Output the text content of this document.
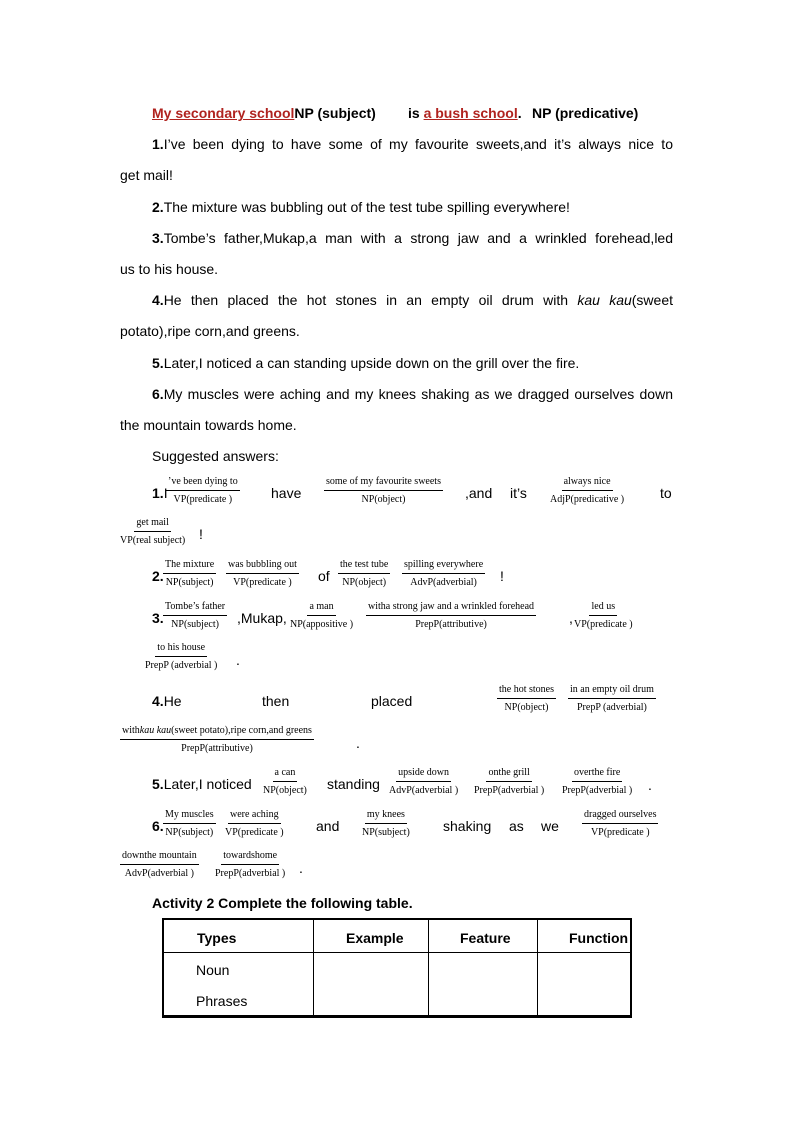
My secondary schoolNP (subject) is a bush school. NP (predicative)
1.I’ve been dying to have some of my favourite sweets,and it’s always nice to
get mail!
2.The mixture was bubbling out of the test tube spilling everywhere!
3.Tombe’s father,Mukap,a man with a strong jaw and a wrinkled forehead,led
us to his house.
4.He then placed the hot stones in an empty oil drum with kau kau(sweet
potato),ripe corn,and greens.
5.Later,I noticed a can standing upside down on the grill over the fire.
6.My muscles were aching and my knees shaking as we dragged ourselves down
the mountain towards home.
Suggested answers:
1.I
’ve been dying to
VP(predicate )	have
some of my favourite sweets
NP(object)	,and it’s
always nice
AdjP(predicative )	to
get mail
VP(real subject) !
2.
The mixture
NP(subject)
was bubbling out
VP(predicate ) of
the test tube
NP(object)
spilling everywhere
AdvP(adverbial) !
3.
Tombe’s father
NP(subject) ,Mukap,
a man
NP(appositive )
witha strong jaw and a wrinkled forehead
PrepP(attributive)	,
led us
VP(predicate )
to his house
PrepP (adverbial ) .
4.He	then	placed
the hot stones
NP(object)
in an empty oil drum
PrepP (adverbial)
withkau kau(sweet potato),ripe corn,and greens
PrepP(attributive)	.
5.Later,I noticed
a can
NP(object) standing
upside down
AdvP(adverbial )
onthe grill
PrepP(adverbial )
overthe fire
PrepP(adverbial ) .
6.
My muscles
NP(subject)
were aching
VP(predicate ) and
my knees
NP(subject) shaking as we
dragged ourselves
VP(predicate )
downthe mountain
AdvP(adverbial )
towardshome
PrepP(adverbial ) .
Activity 2 Complete the following table.
Types	Example	Feature	Function
Noun
Phrases
